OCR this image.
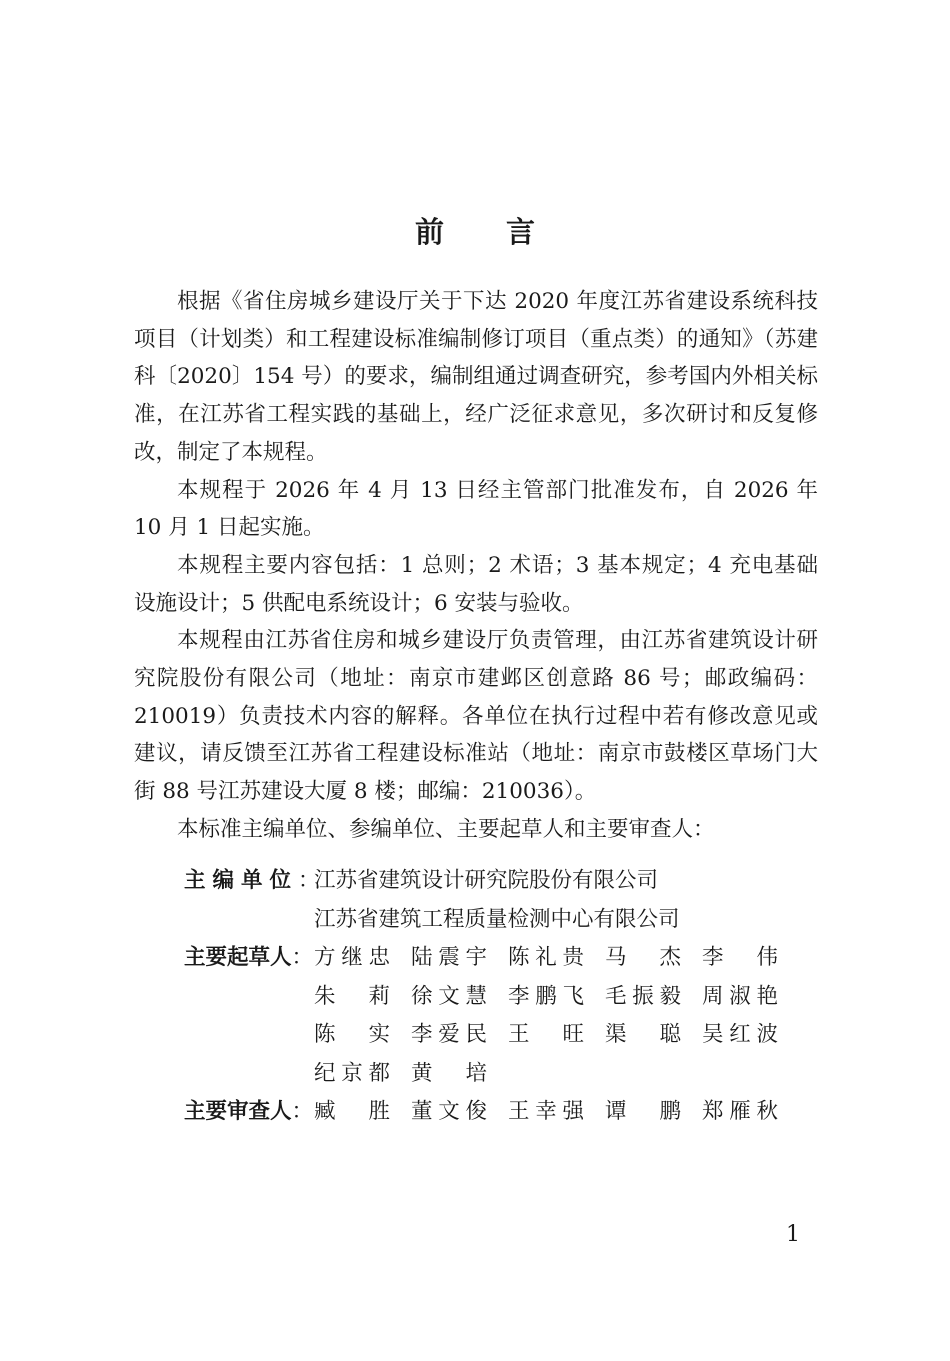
前 言

根据《省住房城乡建设厅关于下达 2020 年度江苏省建设系统科技项目（计划类）和工程建设标准编制修订项目（重点类）的通知》（苏建科〔2020〕154 号）的要求，编制组通过调查研究，参考国内外相关标准，在江苏省工程实践的基础上，经广泛征求意见，多次研讨和反复修改，制定了本规程。

本规程于 2026 年 4 月 13 日经主管部门批准发布，自 2026 年 10 月 1 日起实施。

本规程主要内容包括：1 总则；2 术语；3 基本规定；4 充电基础设施设计；5 供配电系统设计；6 安装与验收。

本规程由江苏省住房和城乡建设厅负责管理，由江苏省建筑设计研究院股份有限公司（地址：南京市建邺区创意路 86 号；邮政编码：210019）负责技术内容的解释。各单位在执行过程中若有修改意见或建议，请反馈至江苏省工程建设标准站（地址：南京市鼓楼区草场门大街 88 号江苏建设大厦 8 楼；邮编：210036）。

本标准主编单位、参编单位、主要起草人和主要审查人：

主编单位：
江苏省建筑设计研究院股份有限公司
江苏省建筑工程质量检测中心有限公司
主要起草人： 方继忠 陆震宇 陈礼贵 马杰 李伟
朱莉 徐文慧 李鹏飞 毛振毅 周淑艳
陈实 李爱民 王旺 渠聪 吴红波
纪京都 黄培
主要审查人： 臧胜 董文俊 王幸强 谭鹏 郑雁秋
1
